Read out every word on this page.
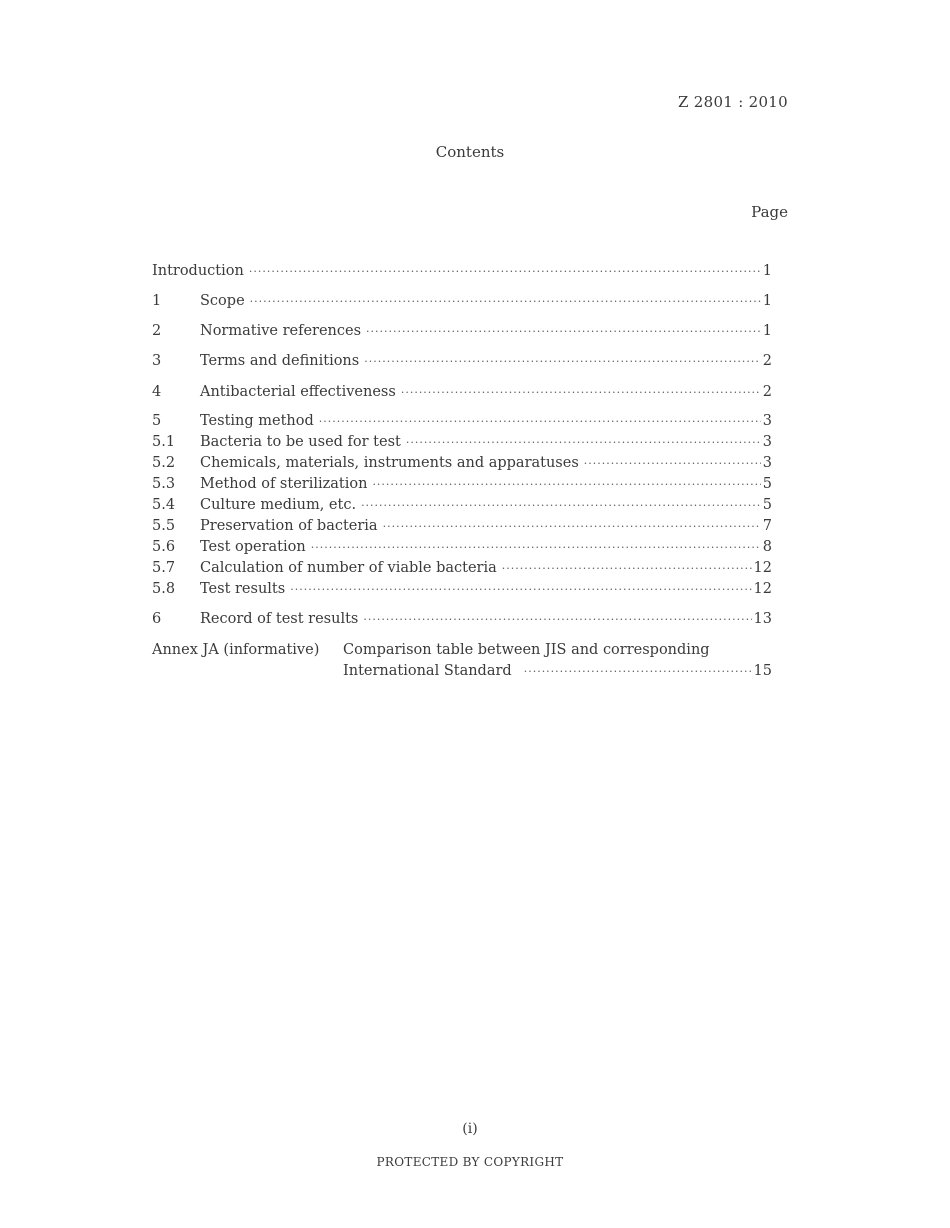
Z 2801 : 2010
Contents
Page
Introduction ·····	1
1	Scope ·····	1
2	Normative references ·····	1
3	Terms and definitions ·····	2
4	Antibacterial effectiveness ·····	2
5	Testing method ·····	3
5.1 Bacteria to be used for test ·····	3
5.2 Chemicals, materials, instruments and apparatuses ·····	3
5.3 Method of sterilization ·····	5
5.4 Culture medium, etc. ·····	5
5.5 Preservation of bacteria ·····	7
5.6 Test operation ·····	8
5.7 Calculation of number of viable bacteria ·····	12
5.8 Test results ·····	12
6	Record of test results ·····	13
Annex JA (informative) Comparison table between JIS and corresponding
International Standard ·····	15
(i)
PROTECTED BY COPYRIGHT
